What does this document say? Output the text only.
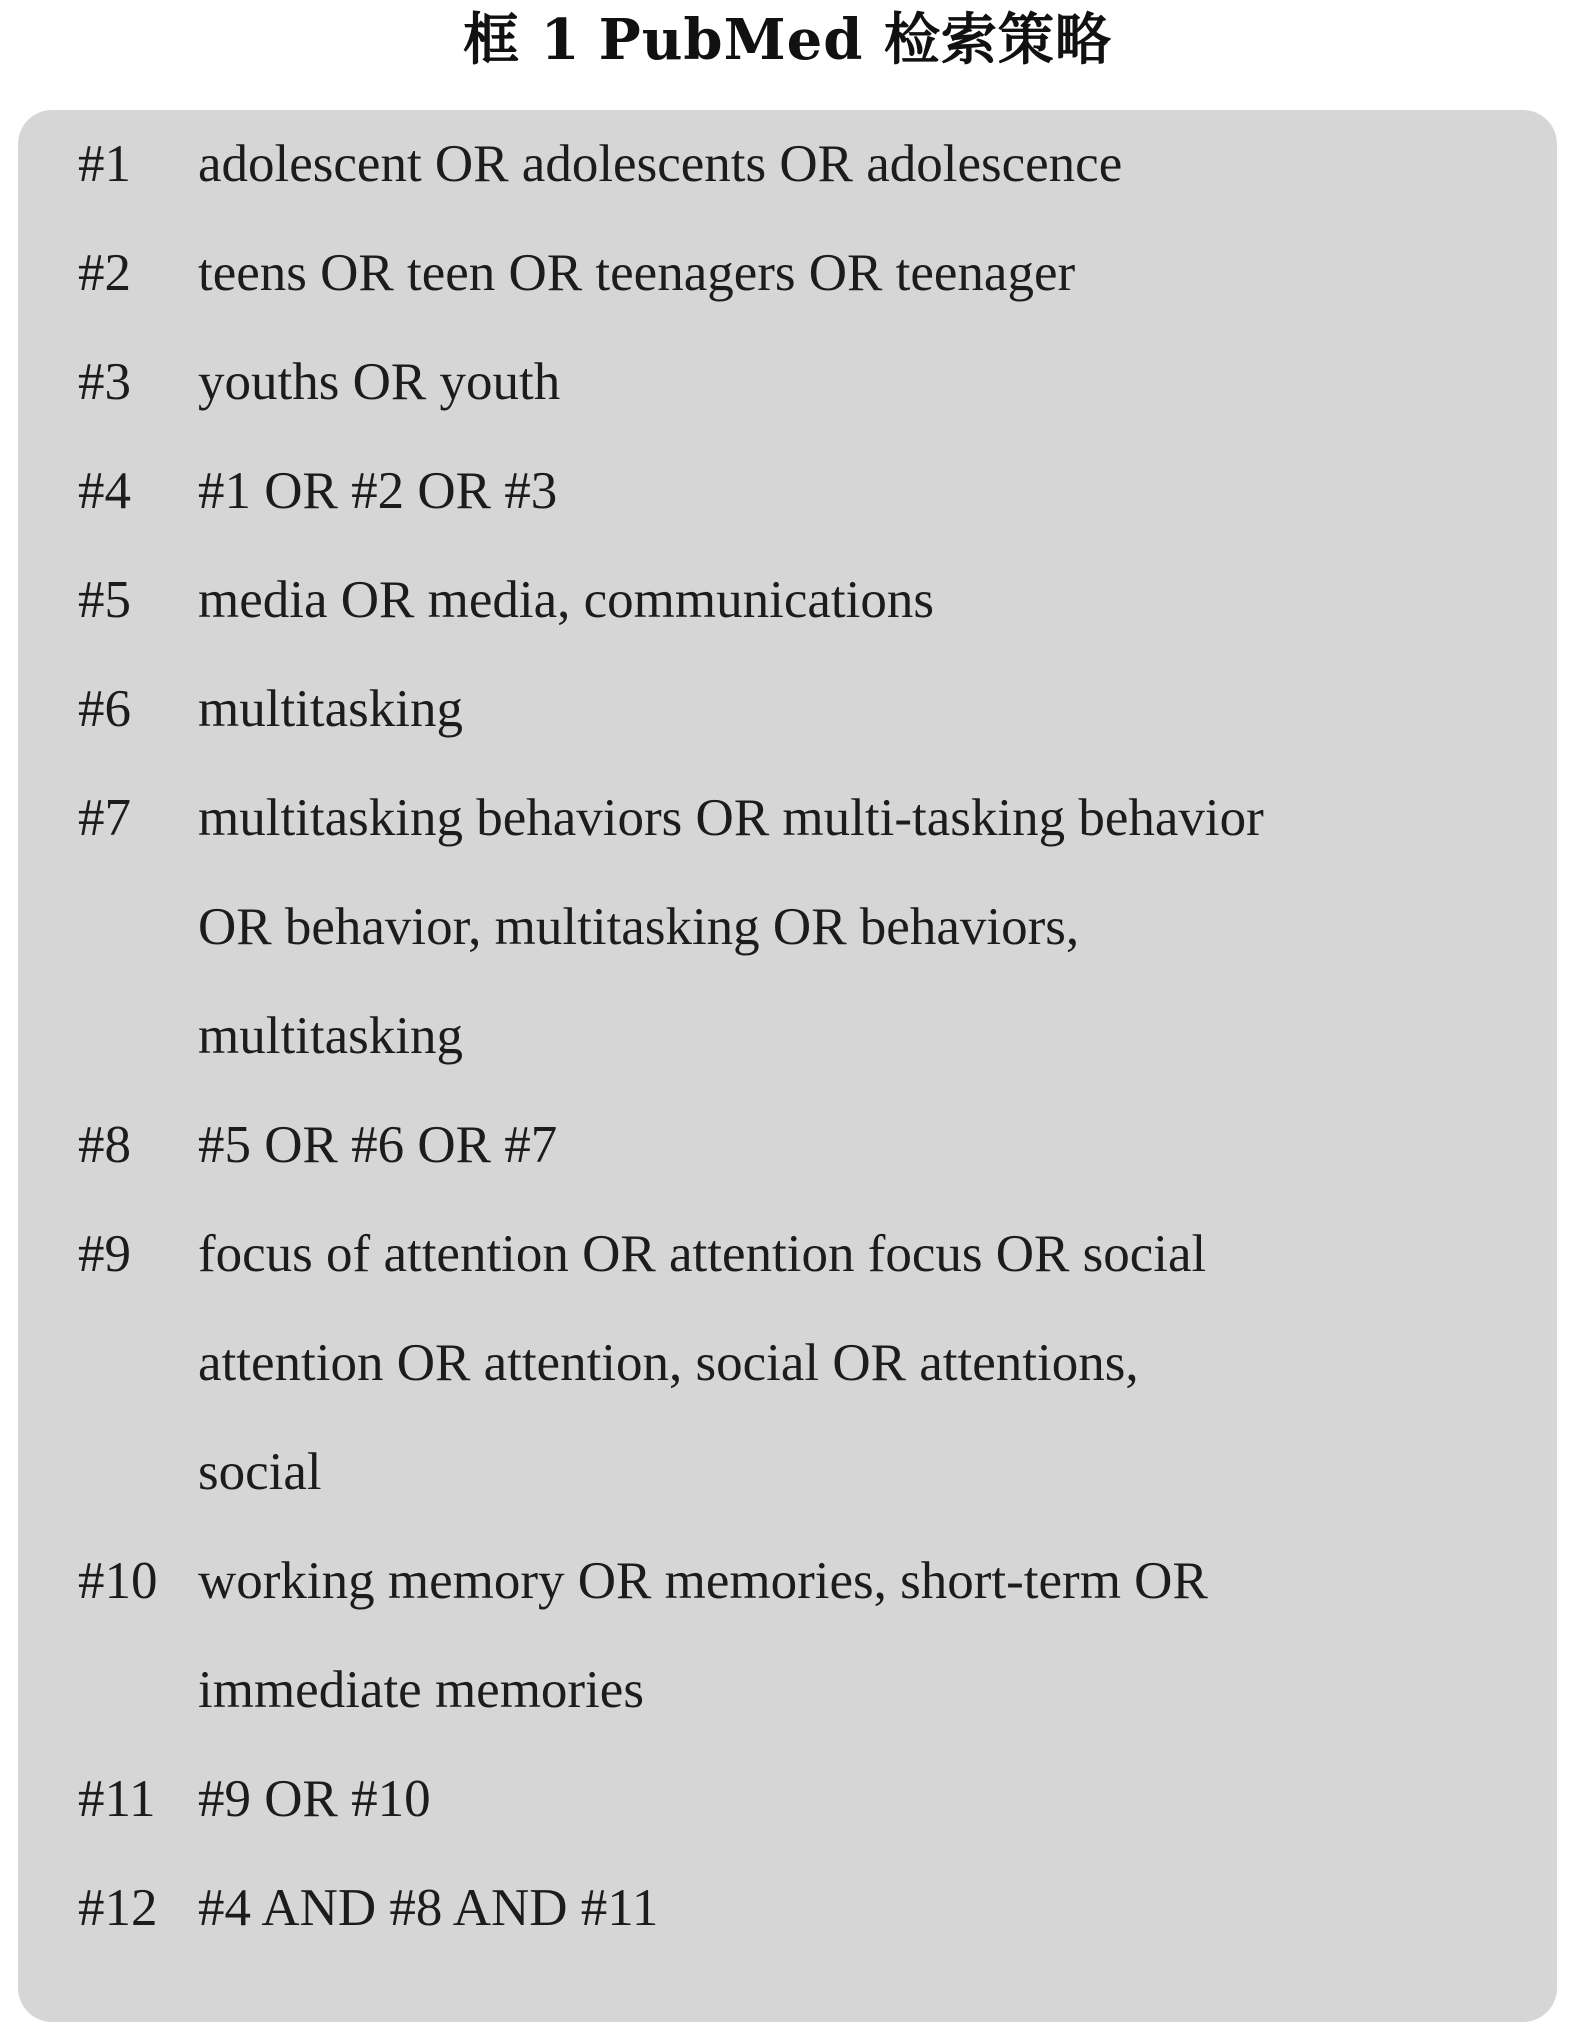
框 1 PubMed 检索策略
#1 adolescent OR adolescents OR adolescence
#2 teens OR teen OR teenagers OR teenager
#3 youths OR youth
#4 #1 OR #2 OR #3
#5 media OR media, communications
#6 multitasking
#7 multitasking behaviors OR multi-tasking behavior
OR behavior, multitasking OR behaviors,
multitasking
#8 #5 OR #6 OR #7
#9 focus of attention OR attention focus OR social
attention OR attention, social OR attentions,
social
#10 working memory OR memories, short-term OR
immediate memories
#11 #9 OR #10
#12 #4 AND #8 AND #11
